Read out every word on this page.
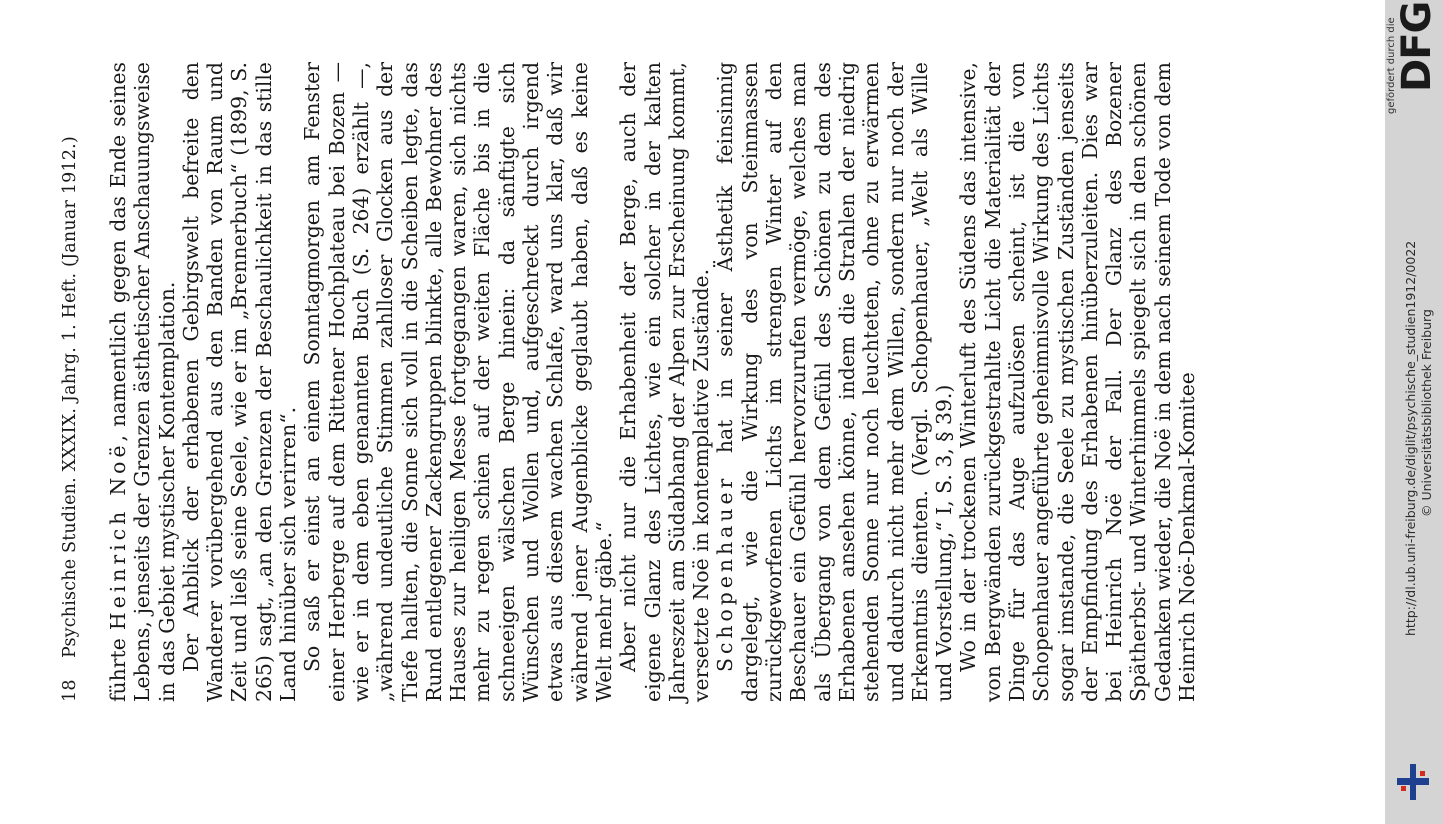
18
Psychische Studien. XXXIX. Jahrg. 1. Heft. (Januar 1912.)

führte Heinrich Noë, namentlich gegen das Ende seines Lebens, jenseits der Grenzen ästhetischer Anschauungsweise in das Gebiet mystischer Kontemplation. Der Anblick der erhabenen Gebirgswelt befreite den Wanderer vorübergehend aus den Banden von Raum und Zeit und ließ seine Seele, wie er im „Brennerbuch“ (1899, S. 265) sagt, „an den Grenzen der Beschaulichkeit in das stille Land hinüber sich verirren“. So saß er einst an einem Sonntagmorgen am Fenster einer Herberge auf dem Rittener Hochplateau bei Bozen — wie er in dem eben genannten Buch (S. 264) erzählt —, „während undeutliche Stimmen zahlloser Glocken aus der Tiefe hallten, die Sonne sich voll in die Scheiben legte, das Rund entlegener Zackengruppen blinkte, alle Bewohner des Hauses zur heiligen Messe fortgegangen waren, sich nichts mehr zu regen schien auf der weiten Fläche bis in die schneeigen wälschen Berge hinein: da sänftigte sich Wünschen und Wollen und, aufgeschreckt durch irgend etwas aus diesem wachen Schlafe, ward uns klar, daß wir während jener Augenblicke geglaubt haben, daß es keine Welt mehr gäbe.“ Aber nicht nur die Erhabenheit der Berge, auch der eigene Glanz des Lichtes, wie ein solcher in der kalten Jahreszeit am Südabhang der Alpen zur Erscheinung kommt, versetzte Noë in kontemplative Zustände. Schopenhauer hat in seiner Ästhetik feinsinnig dargelegt, wie die Wirkung des von Steinmassen zurückgeworfenen Lichts im strengen Winter auf den Beschauer ein Gefühl hervorzurufen vermöge, welches man als Übergang von dem Gefühl des Schönen zu dem des Erhabenen ansehen könne, indem die Strahlen der niedrig stehenden Sonne nur noch leuchteten, ohne zu erwärmen und dadurch nicht mehr dem Willen, sondern nur noch der Erkenntnis dienten. (Vergl. Schopenhauer, „Welt als Wille und Vorstellung,“ I, S. 3, § 39.) Wo in der trockenen Winterluft des Südens das intensive, von Bergwänden zurückgestrahlte Licht die Materialität der Dinge für das Auge aufzulösen scheint, ist die von Schopenhauer angeführte geheimnisvolle Wirkung des Lichts sogar imstande, die Seele zu mystischen Zuständen jenseits der Empfindung des Erhabenen hinüberzuleiten. Dies war bei Heinrich Noë der Fall. Der Glanz des Bozener Spätherbst- und Winterhimmels spiegelt sich in den schönen Gedanken wieder, die Noë in dem nach seinem Tode von dem Heinrich Noë-Denkmal-Komitee

gefördert durch die
DFG
http://dl.ub.uni-freiburg.de/diglit/psychische_studien1912/0022 © Universitätsbibliothek Freiburg
